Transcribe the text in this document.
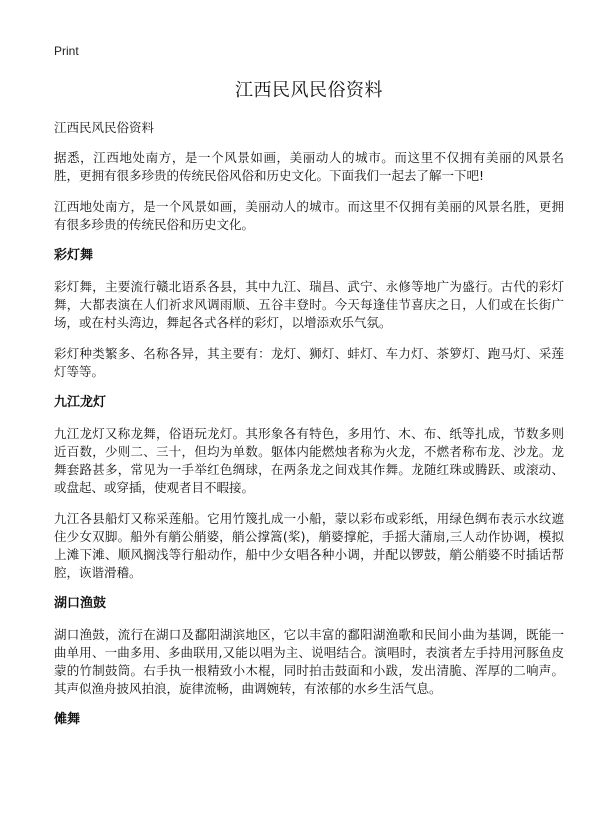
Print
江西民风民俗资料

江西民风民俗资料

据悉，江西地处南方，是一个风景如画，美丽动人的城市。而这里不仅拥有美丽的风景名胜，更拥有很多珍贵的传统民俗风俗和历史文化。下面我们一起去了解一下吧!

江西地处南方，是一个风景如画，美丽动人的城市。而这里不仅拥有美丽的风景名胜，更拥有很多珍贵的传统民俗和历史文化。

彩灯舞

彩灯舞，主要流行赣北语系各县，其中九江、瑞昌、武宁、永修等地广为盛行。古代的彩灯舞，大都表演在人们祈求风调雨顺、五谷丰登时。今天每逢佳节喜庆之日，人们或在长街广场，或在村头湾边，舞起各式各样的彩灯，以增添欢乐气氛。

彩灯种类繁多、名称各异，其主要有：龙灯、狮灯、蚌灯、车力灯、茶箩灯、跑马灯、采莲灯等等。

九江龙灯

九江龙灯又称龙舞，俗语玩龙灯。其形象各有特色，多用竹、木、布、纸等扎成，节数多则近百数，少则二、三十，但均为单数。躯体内能燃烛者称为火龙，不燃者称布龙、沙龙。龙舞套路甚多，常见为一手举红色绸球，在两条龙之间戏其作舞。龙随红珠或腾跃、或滚动、或盘起、或穿插，使观者目不暇接。

九江各县船灯又称采莲船。它用竹篾扎成一小船，蒙以彩布或彩纸，用绿色绸布表示水纹遮住少女双脚。船外有艄公艄婆，艄公撑篙(桨)，艄婆撑舵，手摇大蒲扇,三人动作协调，模拟上滩下滩、顺风搁浅等行船动作，船中少女唱各种小调，并配以锣鼓，艄公艄婆不时插话帮腔，诙谐滑稽。

湖口渔鼓

湖口渔鼓，流行在湖口及鄱阳湖滨地区，它以丰富的鄱阳湖渔歌和民间小曲为基调，既能一曲单用、一曲多用、多曲联用,又能以唱为主、说唱结合。演唱时，表演者左手持用河豚鱼皮蒙的竹制鼓筒。右手执一根精致小木棍，同时拍击鼓面和小跋，发出清脆、浑厚的二响声。其声似渔舟披风拍浪，旋律流畅，曲调婉转，有浓郁的水乡生活气息。

傩舞
